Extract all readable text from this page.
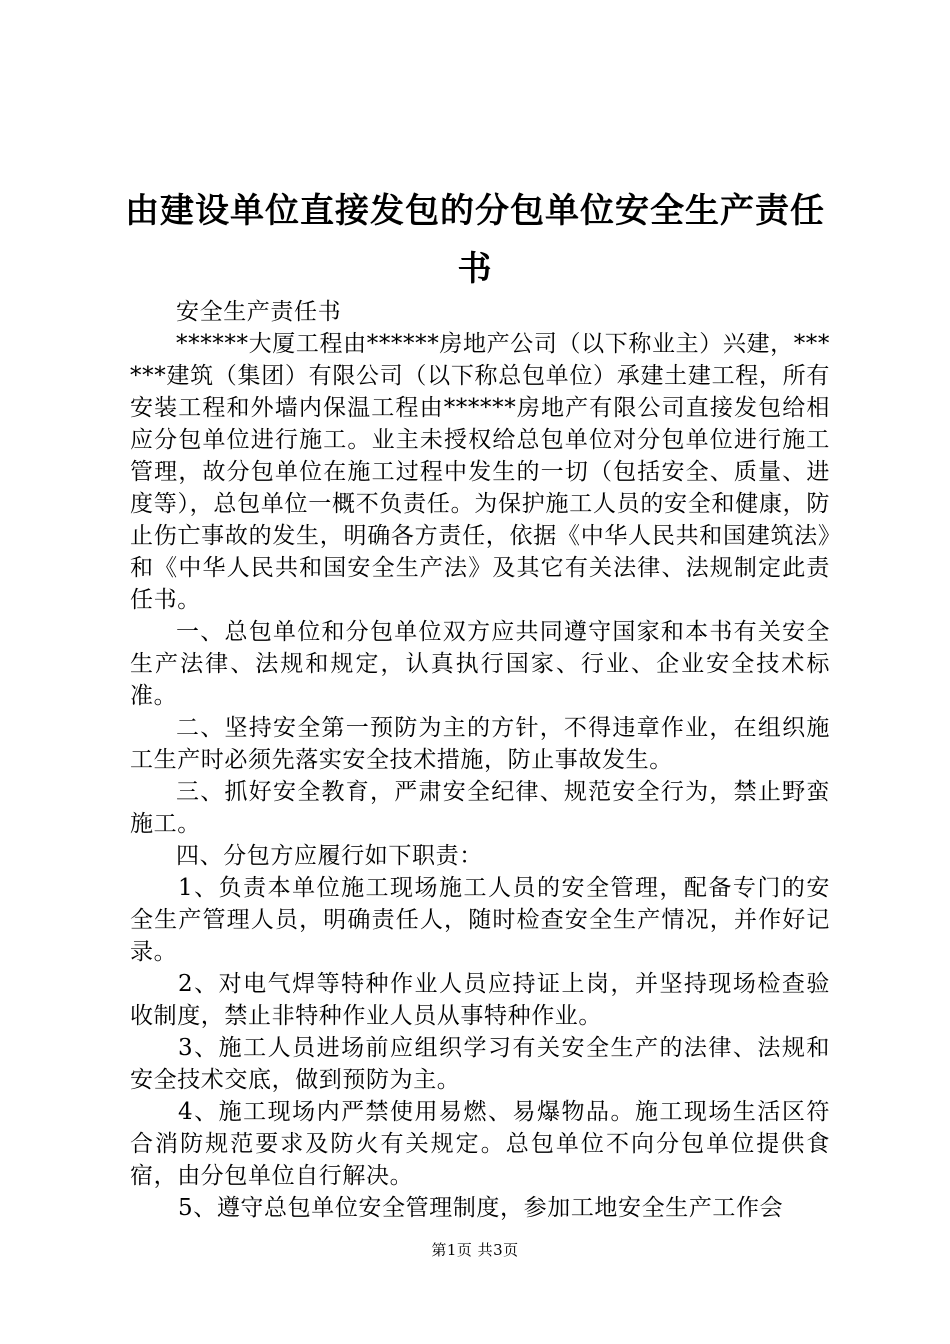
由建设单位直接发包的分包单位安全生产责任书

安全生产责任书

******大厦工程由******房地产公司（以下称业主）兴建，******建筑（集团）有限公司（以下称总包单位）承建土建工程，所有安装工程和外墙内保温工程由******房地产有限公司直接发包给相应分包单位进行施工。业主未授权给总包单位对分包单位进行施工管理，故分包单位在施工过程中发生的一切（包括安全、质量、进度等），总包单位一概不负责任。为保护施工人员的安全和健康，防止伤亡事故的发生，明确各方责任，依据《中华人民共和国建筑法》和《中华人民共和国安全生产法》及其它有关法律、法规制定此责任书。

一、总包单位和分包单位双方应共同遵守国家和本书有关安全生产法律、法规和规定，认真执行国家、行业、企业安全技术标准。

二、坚持安全第一预防为主的方针，不得违章作业，在组织施工生产时必须先落实安全技术措施，防止事故发生。

三、抓好安全教育，严肃安全纪律、规范安全行为，禁止野蛮施工。

四、分包方应履行如下职责：

1、负责本单位施工现场施工人员的安全管理，配备专门的安全生产管理人员，明确责任人，随时检查安全生产情况，并作好记录。

2、对电气焊等特种作业人员应持证上岗，并坚持现场检查验收制度，禁止非特种作业人员从事特种作业。

3、施工人员进场前应组织学习有关安全生产的法律、法规和安全技术交底，做到预防为主。

4、施工现场内严禁使用易燃、易爆物品。施工现场生活区符合消防规范要求及防火有关规定。总包单位不向分包单位提供食宿，由分包单位自行解决。

5、遵守总包单位安全管理制度，参加工地安全生产工作会

第1页 共3页
